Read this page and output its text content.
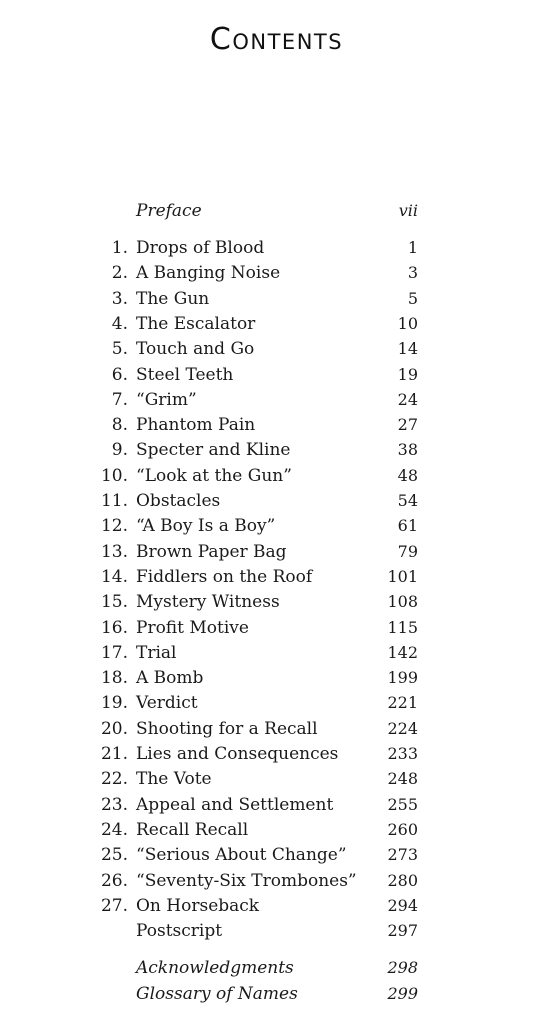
Contents
Preface	vii
1. Drops of Blood	1
2. A Banging Noise	3
3. The Gun	5
4. The Escalator	10
5. Touch and Go	14
6. Steel Teeth	19
7. “Grim”	24
8. Phantom Pain	27
9. Specter and Kline	38
10. “Look at the Gun”	48
11. Obstacles	54
12. “A Boy Is a Boy”	61
13. Brown Paper Bag	79
14. Fiddlers on the Roof	101
15. Mystery Witness	108
16. Profit Motive	115
17. Trial	142
18. A Bomb	199
19. Verdict	221
20. Shooting for a Recall	224
21. Lies and Consequences	233
22. The Vote	248
23. Appeal and Settlement	255
24. Recall Recall	260
25. “Serious About Change”	273
26. “Seventy-Six Trombones” 280
27. On Horseback	294
Postscript	297
Acknowledgments	298
Glossary of Names	299
